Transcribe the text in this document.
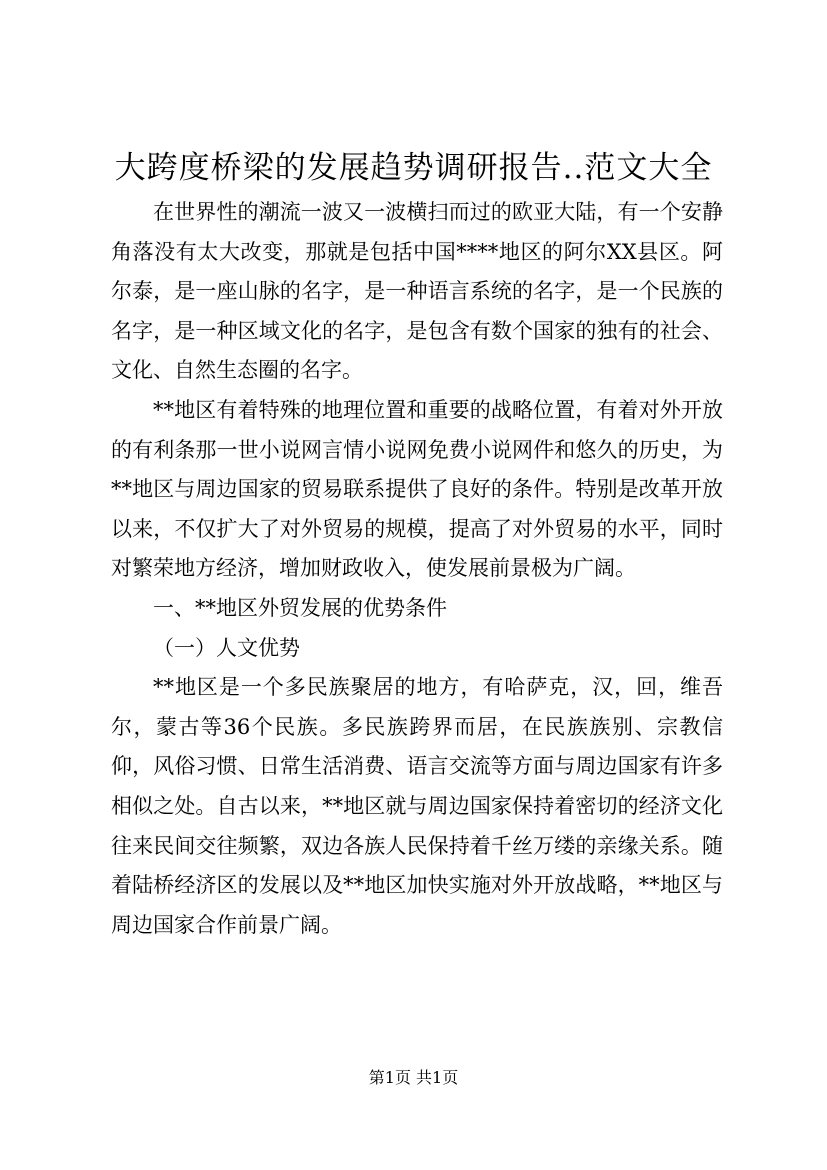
大跨度桥梁的发展趋势调研报告..范文大全

在世界性的潮流一波又一波横扫而过的欧亚大陆，有一个安静角落没有太大改变，那就是包括中国****地区的阿尔XX县区。阿尔泰，是一座山脉的名字，是一种语言系统的名字，是一个民族的名字，是一种区域文化的名字，是包含有数个国家的独有的社会、文化、自然生态圈的名字。

**地区有着特殊的地理位置和重要的战略位置，有着对外开放的有利条那一世小说网言情小说网免费小说网件和悠久的历史，为**地区与周边国家的贸易联系提供了良好的条件。特别是改革开放以来，不仅扩大了对外贸易的规模，提高了对外贸易的水平，同时对繁荣地方经济，增加财政收入，使发展前景极为广阔。

一、**地区外贸发展的优势条件

（一）人文优势

**地区是一个多民族聚居的地方，有哈萨克，汉，回，维吾尔，蒙古等36个民族。多民族跨界而居，在民族族别、宗教信仰，风俗习惯、日常生活消费、语言交流等方面与周边国家有许多相似之处。自古以来，**地区就与周边国家保持着密切的经济文化往来民间交往频繁，双边各族人民保持着千丝万缕的亲缘关系。随着陆桥经济区的发展以及**地区加快实施对外开放战略，**地区与周边国家合作前景广阔。

第1页 共1页
